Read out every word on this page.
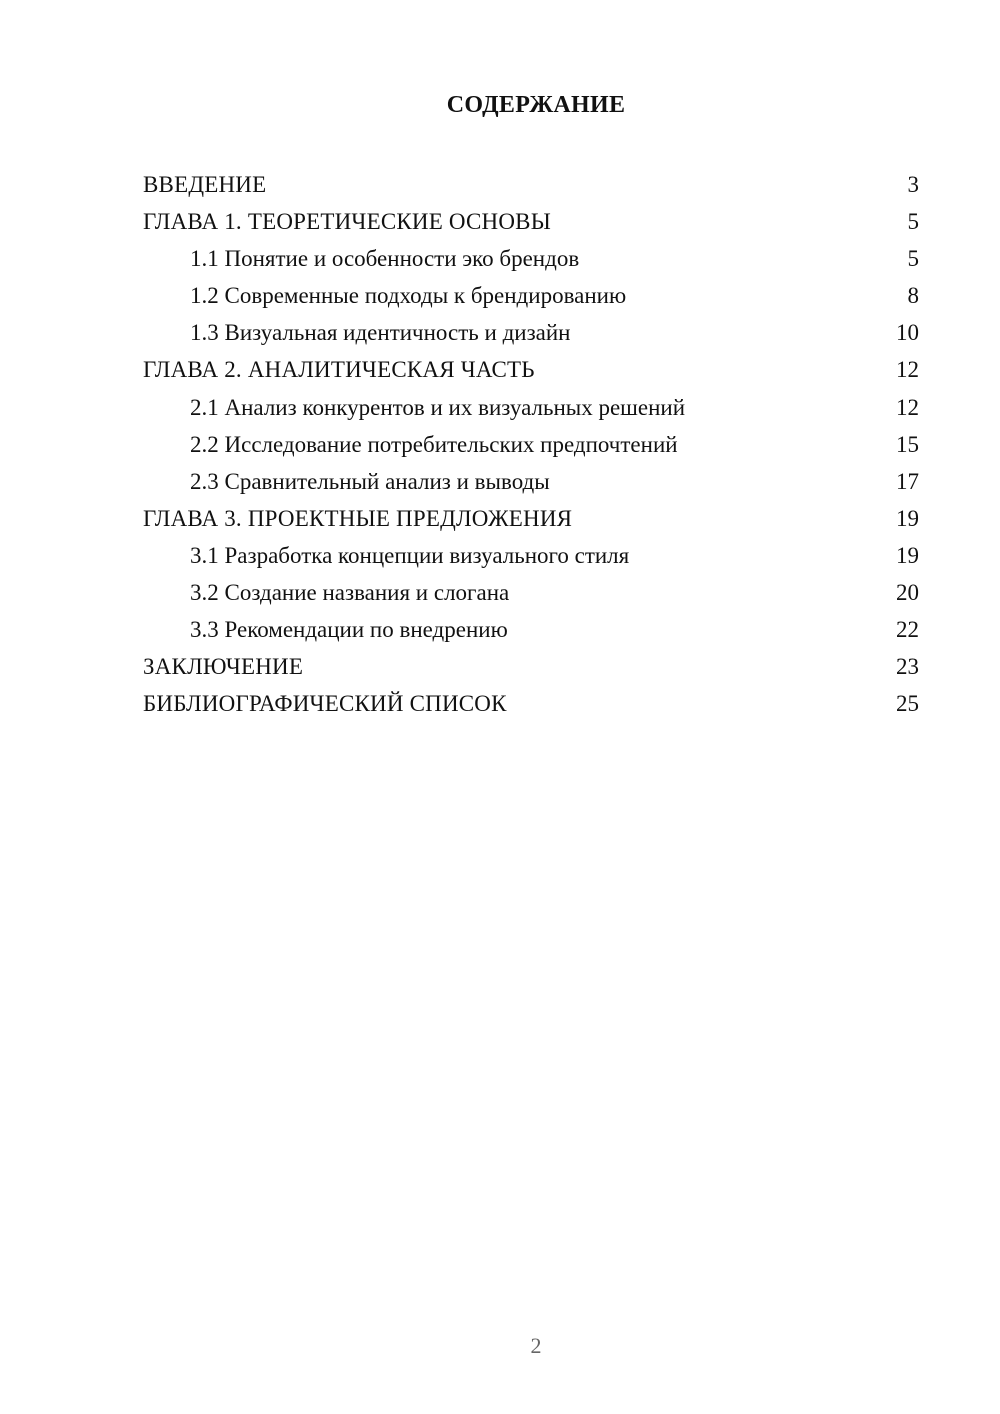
СОДЕРЖАНИЕ
ВВЕДЕНИЕ	3
ГЛАВА 1. ТЕОРЕТИЧЕСКИЕ ОСНОВЫ	5
1.1 Понятие и особенности эко брендов	5
1.2 Современные подходы к брендированию	8
1.3 Визуальная идентичность и дизайн	10
ГЛАВА 2. АНАЛИТИЧЕСКАЯ ЧАСТЬ	12
2.1 Анализ конкурентов и их визуальных решений	12
2.2 Исследование потребительских предпочтений	15
2.3 Сравнительный анализ и выводы	17
ГЛАВА 3. ПРОЕКТНЫЕ ПРЕДЛОЖЕНИЯ	19
3.1 Разработка концепции визуального стиля	19
3.2 Создание названия и слогана	20
3.3 Рекомендации по внедрению	22
ЗАКЛЮЧЕНИЕ	23
БИБЛИОГРАФИЧЕСКИЙ СПИСОК	25
2
